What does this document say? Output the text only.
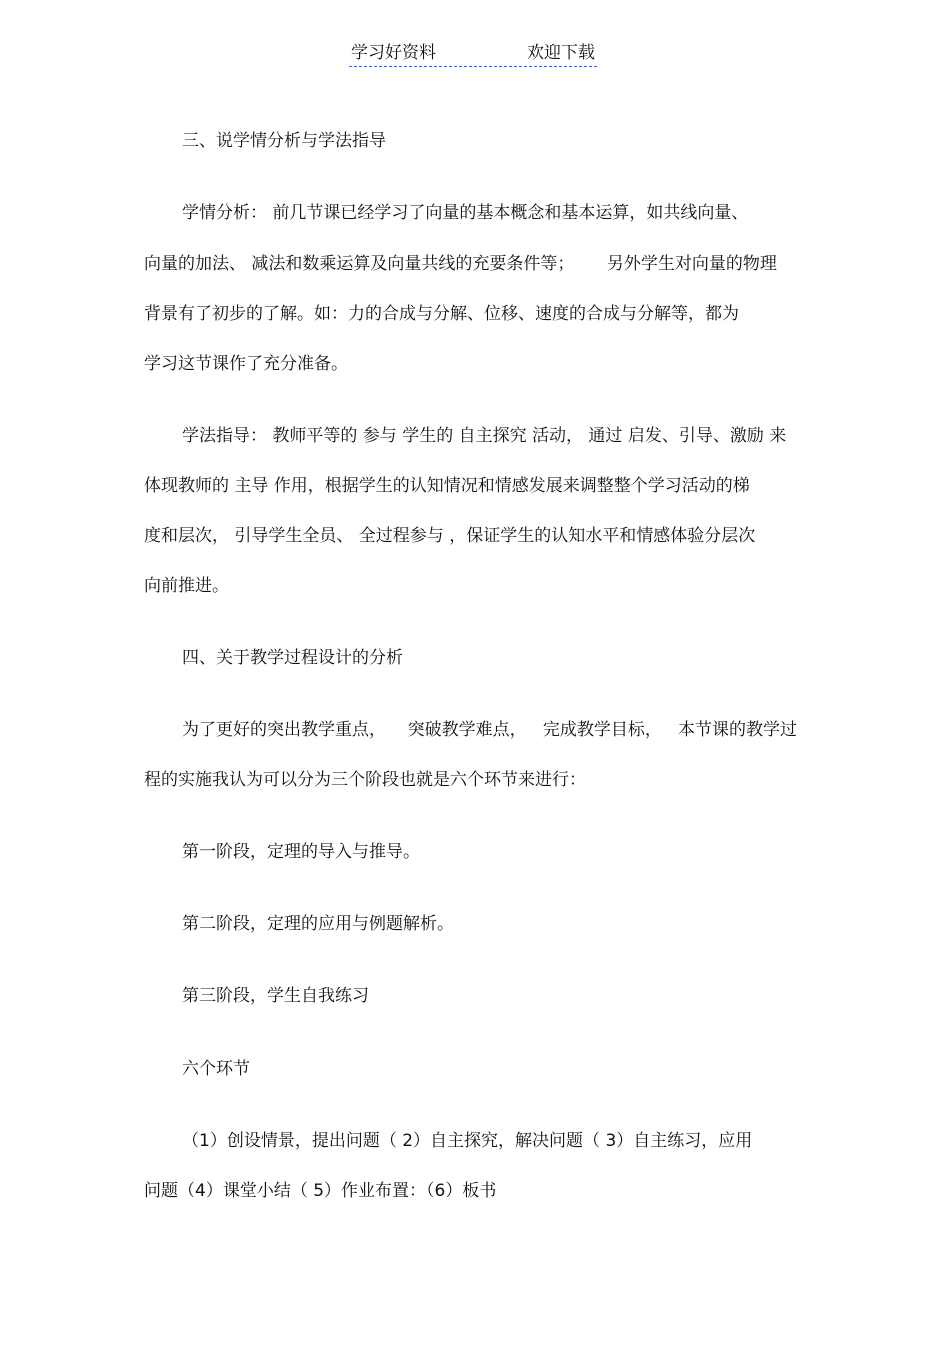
学习好资料	欢迎下载
三、说学情分析与学法指导
学情分析： 前几节课已经学习了向量的基本概念和基本运算，如共线向量、
向量的加法、 减法和数乘运算及向量共线的充要条件等；      另外学生对向量的物理
背景有了初步的了解。如：力的合成与分解、位移、速度的合成与分解等，都为
学习这节课作了充分准备。
学法指导： 教师平等的 参与 学生的 自主探究 活动， 通过 启发、引导、激励 来
体现教师的 主导 作用，根据学生的认知情况和情感发展来调整整个学习活动的梯
度和层次， 引导学生全员、 全过程参与 ，保证学生的认知水平和情感体验分层次
向前推进。
四、关于教学过程设计的分析
为了更好的突出教学重点，    突破教学难点，   完成教学目标，   本节课的教学过
程的实施我认为可以分为三个阶段也就是六个环节来进行：
第一阶段，定理的导入与推导。
第二阶段，定理的应用与例题解析。
第三阶段，学生自我练习
六个环节
（1）创设情景，提出问题（ 2）自主探究，解决问题（ 3）自主练习，应用
问题（4）课堂小结（ 5）作业布置：（6）板书
